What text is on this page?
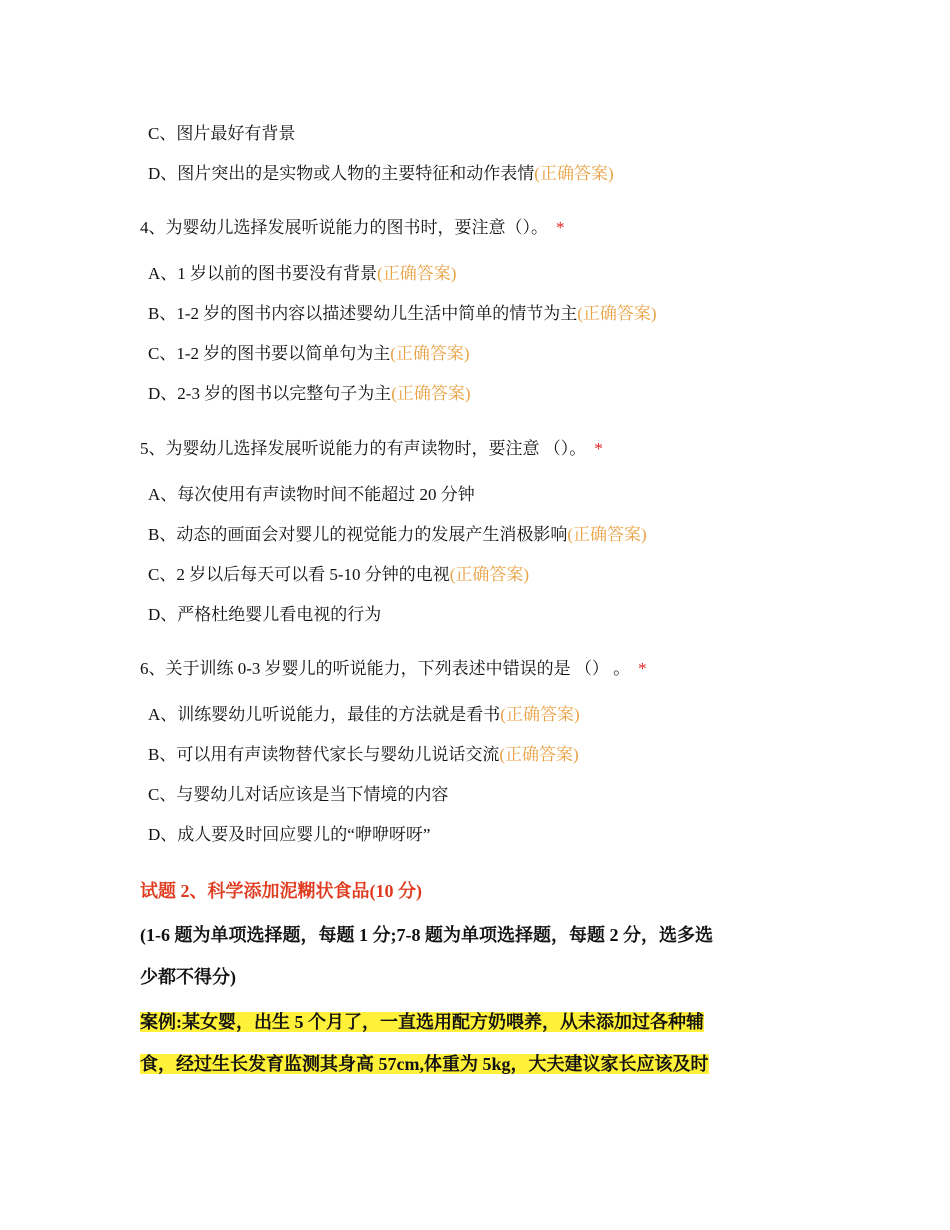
C、图片最好有背景
D、图片突出的是实物或人物的主要特征和动作表情(正确答案)
4、为婴幼儿选择发展听说能力的图书时，要注意（）。 *
A、1 岁以前的图书要没有背景(正确答案)
B、1-2 岁的图书内容以描述婴幼儿生活中简单的情节为主(正确答案)
C、1-2 岁的图书要以简单句为主(正确答案)
D、2-3 岁的图书以完整句子为主(正确答案)
5、为婴幼儿选择发展听说能力的有声读物时，要注意 （）。 *
A、每次使用有声读物时间不能超过 20 分钟
B、动态的画面会对婴儿的视觉能力的发展产生消极影响(正确答案)
C、2 岁以后每天可以看 5-10 分钟的电视(正确答案)
D、严格杜绝婴儿看电视的行为
6、关于训练 0-3 岁婴儿的听说能力，下列表述中错误的是 （） 。 *
A、训练婴幼儿听说能力，最佳的方法就是看书(正确答案)
B、可以用有声读物替代家长与婴幼儿说话交流(正确答案)
C、与婴幼儿对话应该是当下情境的内容
D、成人要及时回应婴儿的“咿咿呀呀”
试题 2、科学添加泥糊状食品(10 分)
(1-6 题为单项选择题，每题 1 分;7-8 题为单项选择题，每题 2 分，选多选
少都不得分)
案例:某女婴，出生 5 个月了，一直选用配方奶喂养，从未添加过各种辅
食，经过生长发育监测其身高 57cm,体重为 5kg，大夫建议家长应该及时
